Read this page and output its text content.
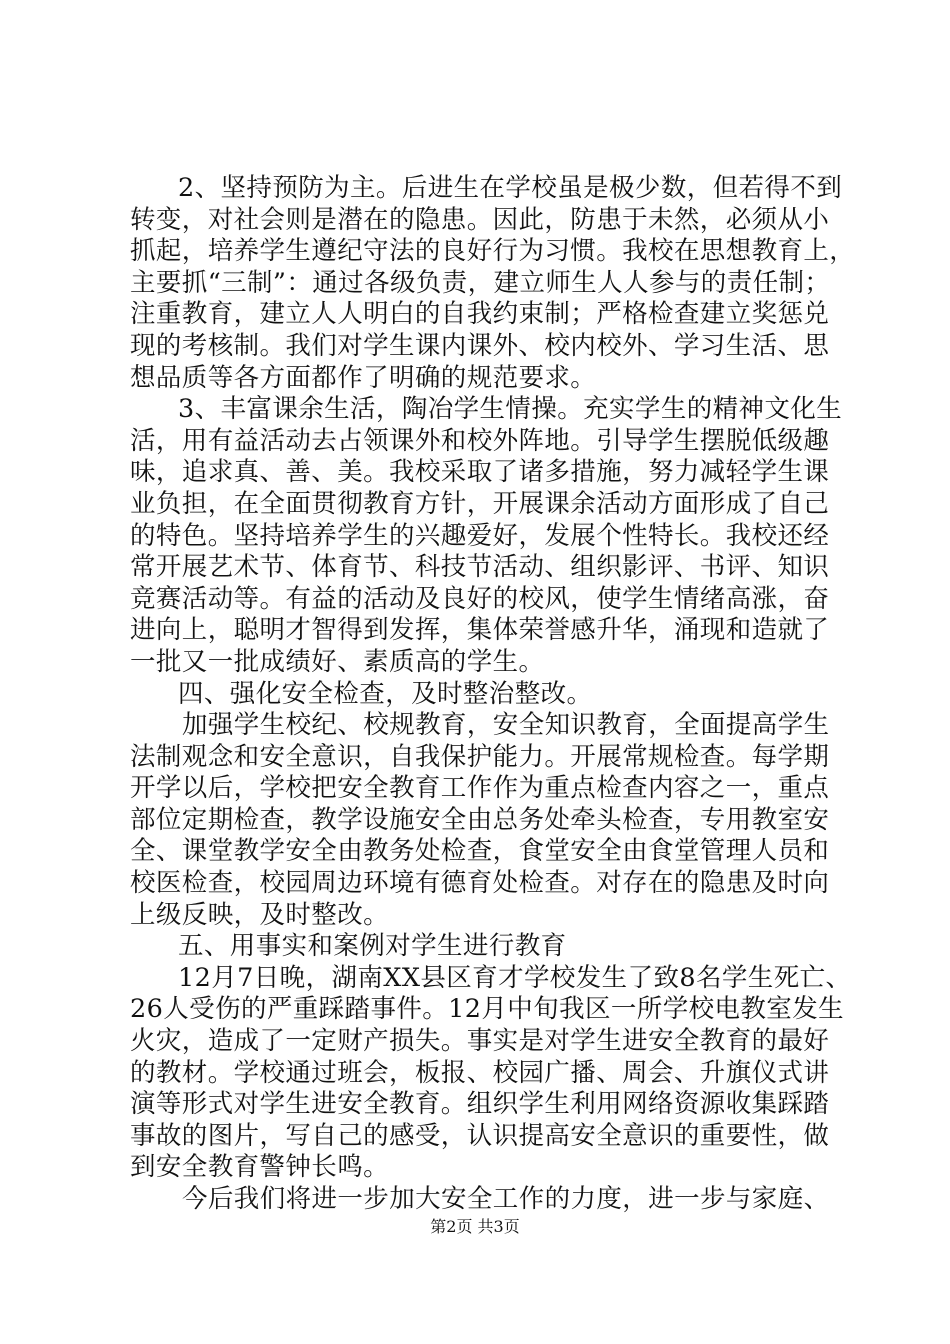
2、坚持预防为主。后进生在学校虽是极少数，但若得不到
转变，对社会则是潜在的隐患。因此，防患于未然，必须从小
抓起，培养学生遵纪守法的良好行为习惯。我校在思想教育上，
主要抓“三制”：通过各级负责，建立师生人人参与的责任制；
注重教育，建立人人明白的自我约束制；严格检查建立奖惩兑
现的考核制。我们对学生课内课外、校内校外、学习生活、思
想品质等各方面都作了明确的规范要求。
3、丰富课余生活，陶冶学生情操。充实学生的精神文化生
活，用有益活动去占领课外和校外阵地。引导学生摆脱低级趣
味，追求真、善、美。我校采取了诸多措施，努力减轻学生课
业负担，在全面贯彻教育方针，开展课余活动方面形成了自己
的特色。坚持培养学生的兴趣爱好，发展个性特长。我校还经
常开展艺术节、体育节、科技节活动、组织影评、书评、知识
竞赛活动等。有益的活动及良好的校风，使学生情绪高涨，奋
进向上，聪明才智得到发挥，集体荣誉感升华，涌现和造就了
一批又一批成绩好、素质高的学生。
四、强化安全检查，及时整治整改。
加强学生校纪、校规教育，安全知识教育，全面提高学生
法制观念和安全意识，自我保护能力。开展常规检查。每学期
开学以后，学校把安全教育工作作为重点检查内容之一，重点
部位定期检查，教学设施安全由总务处牵头检查，专用教室安
全、课堂教学安全由教务处检查，食堂安全由食堂管理人员和
校医检查，校园周边环境有德育处检查。对存在的隐患及时向
上级反映，及时整改。
五、用事实和案例对学生进行教育
12月7日晚，湖南XX县区育才学校发生了致8名学生死亡、
26人受伤的严重踩踏事件。12月中旬我区一所学校电教室发生
火灾，造成了一定财产损失。事实是对学生进安全教育的最好
的教材。学校通过班会，板报、校园广播、周会、升旗仪式讲
演等形式对学生进安全教育。组织学生利用网络资源收集踩踏
事故的图片，写自己的感受，认识提高安全意识的重要性，做
到安全教育警钟长鸣。
今后我们将进一步加大安全工作的力度，进一步与家庭、
第2页 共3页
